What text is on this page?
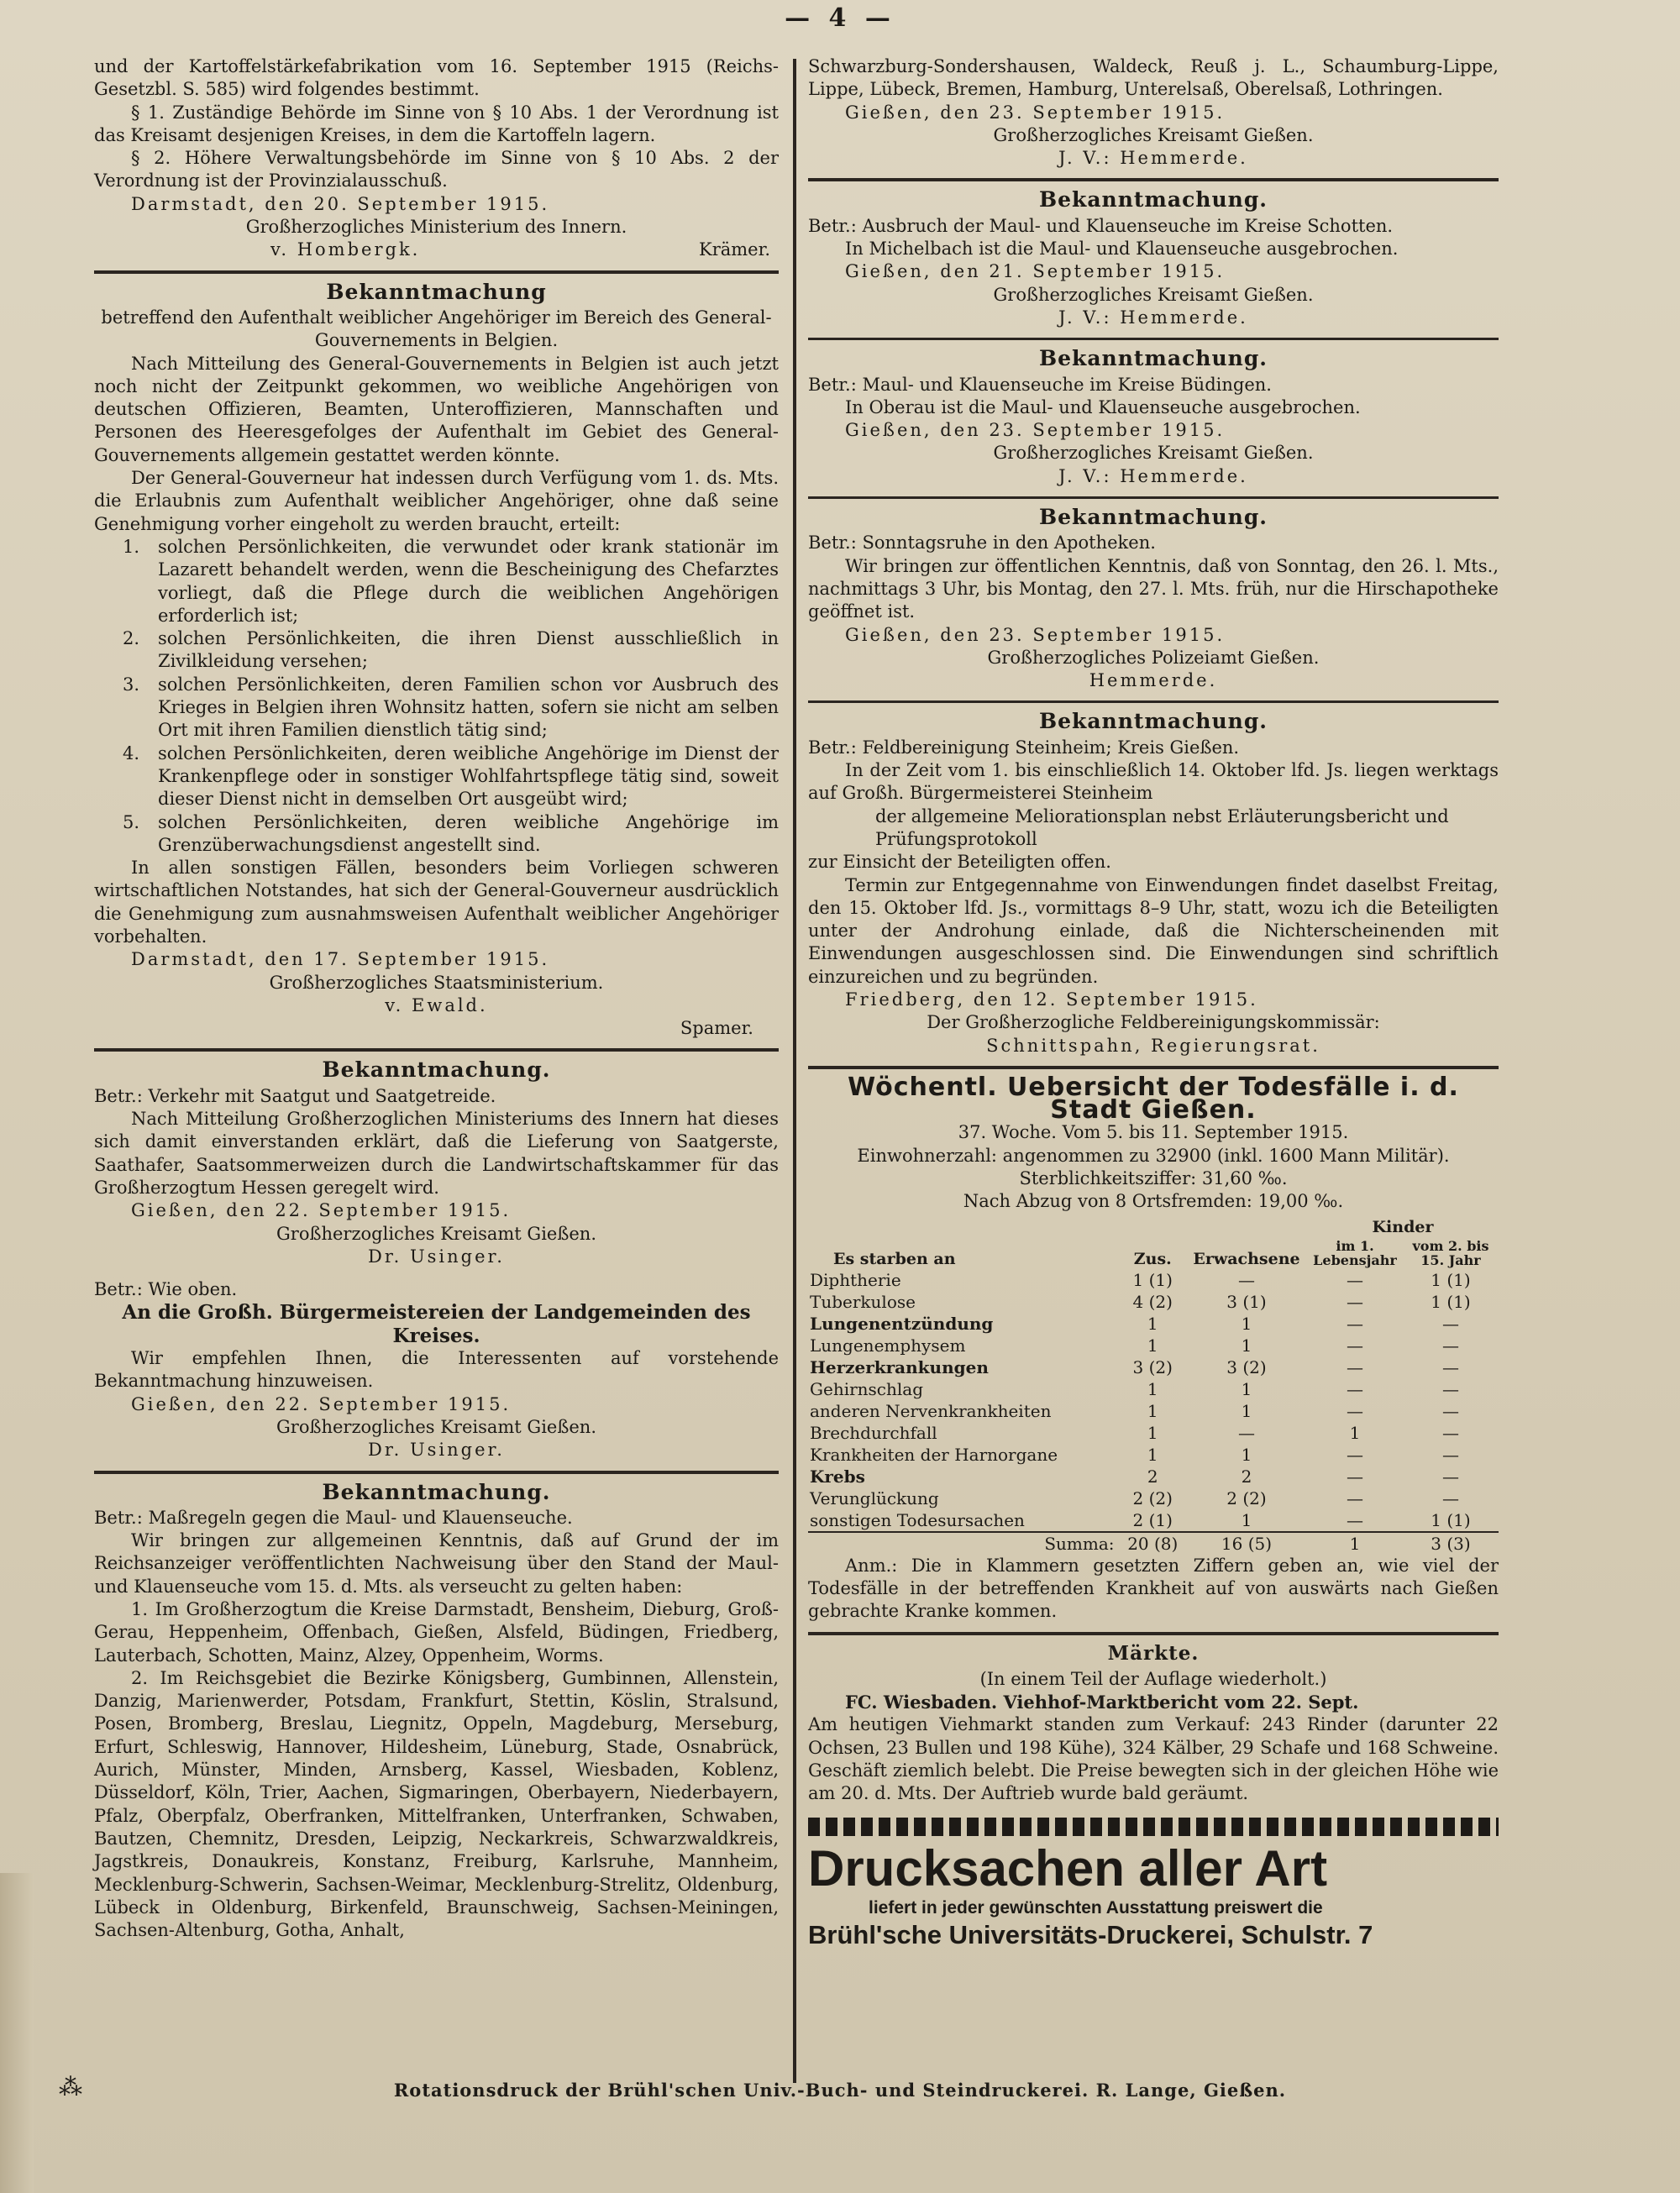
— 4 —

und der Kartoffelstärkefabrikation vom 16. September 1915 (Reichs-Gesetzbl. S. 585) wird folgendes bestimmt.

§ 1. Zuständige Behörde im Sinne von § 10 Abs. 1 der Verordnung ist das Kreisamt desjenigen Kreises, in dem die Kartoffeln lagern.

§ 2. Höhere Verwaltungsbehörde im Sinne von § 10 Abs. 2 der Verordnung ist der Provinzialausschuß.

Darmstadt, den 20. September 1915.

Großherzogliches Ministerium des Innern.

v. Hombergk.	Krämer.
Bekanntmachung

betreffend den Aufenthalt weiblicher Angehöriger im Bereich des General-Gouvernements in Belgien.

Nach Mitteilung des General-Gouvernements in Belgien ist auch jetzt noch nicht der Zeitpunkt gekommen, wo weibliche Angehörigen von deutschen Offizieren, Beamten, Unteroffizieren, Mannschaften und Personen des Heeresgefolges der Aufenthalt im Gebiet des General-Gouvernements allgemein gestattet werden könnte.

Der General-Gouverneur hat indessen durch Verfügung vom 1. ds. Mts. die Erlaubnis zum Aufenthalt weiblicher Angehöriger, ohne daß seine Genehmigung vorher eingeholt zu werden braucht, erteilt:

1. solchen Persönlichkeiten, die verwundet oder krank stationär im Lazarett behandelt werden, wenn die Bescheinigung des Chefarztes vorliegt, daß die Pflege durch die weiblichen Angehörigen erforderlich ist;
2. solchen Persönlichkeiten, die ihren Dienst ausschließlich in Zivilkleidung versehen;
3. solchen Persönlichkeiten, deren Familien schon vor Ausbruch des Krieges in Belgien ihren Wohnsitz hatten, sofern sie nicht am selben Ort mit ihren Familien dienstlich tätig sind;
4. solchen Persönlichkeiten, deren weibliche Angehörige im Dienst der Krankenpflege oder in sonstiger Wohlfahrtspflege tätig sind, soweit dieser Dienst nicht in demselben Ort ausgeübt wird;
5. solchen Persönlichkeiten, deren weibliche Angehörige im Grenzüberwachungsdienst angestellt sind.

In allen sonstigen Fällen, besonders beim Vorliegen schweren wirtschaftlichen Notstandes, hat sich der General-Gouverneur ausdrücklich die Genehmigung zum ausnahmsweisen Aufenthalt weiblicher Angehöriger vorbehalten.

Darmstadt, den 17. September 1915.

Großherzogliches Staatsministerium.

v. Ewald.

Spamer.

Bekanntmachung.

Betr.: Verkehr mit Saatgut und Saatgetreide.

Nach Mitteilung Großherzoglichen Ministeriums des Innern hat dieses sich damit einverstanden erklärt, daß die Lieferung von Saatgerste, Saathafer, Saatsommerweizen durch die Landwirtschaftskammer für das Großherzogtum Hessen geregelt wird.

Gießen, den 22. September 1915.

Großherzogliches Kreisamt Gießen.

Dr. Usinger.

Betr.: Wie oben.

An die Großh. Bürgermeistereien der Landgemeinden des Kreises.

Wir empfehlen Ihnen, die Interessenten auf vorstehende Bekanntmachung hinzuweisen.

Gießen, den 22. September 1915.

Großherzogliches Kreisamt Gießen.

Dr. Usinger.

Bekanntmachung.

Betr.: Maßregeln gegen die Maul- und Klauenseuche.

Wir bringen zur allgemeinen Kenntnis, daß auf Grund der im Reichsanzeiger veröffentlichten Nachweisung über den Stand der Maul- und Klauenseuche vom 15. d. Mts. als verseucht zu gelten haben:

1. Im Großherzogtum die Kreise Darmstadt, Bensheim, Dieburg, Groß-Gerau, Heppenheim, Offenbach, Gießen, Alsfeld, Büdingen, Friedberg, Lauterbach, Schotten, Mainz, Alzey, Oppenheim, Worms.

2. Im Reichsgebiet die Bezirke Königsberg, Gumbinnen, Allenstein, Danzig, Marienwerder, Potsdam, Frankfurt, Stettin, Köslin, Stralsund, Posen, Bromberg, Breslau, Liegnitz, Oppeln, Magdeburg, Merseburg, Erfurt, Schleswig, Hannover, Hildesheim, Lüneburg, Stade, Osnabrück, Aurich, Münster, Minden, Arnsberg, Kassel, Wiesbaden, Koblenz, Düsseldorf, Köln, Trier, Aachen, Sigmaringen, Oberbayern, Niederbayern, Pfalz, Oberpfalz, Oberfranken, Mittelfranken, Unterfranken, Schwaben, Bautzen, Chemnitz, Dresden, Leipzig, Neckarkreis, Schwarzwaldkreis, Jagstkreis, Donaukreis, Konstanz, Freiburg, Karlsruhe, Mannheim, Mecklenburg-Schwerin, Sachsen-Weimar, Mecklenburg-Strelitz, Oldenburg, Lübeck in Oldenburg, Birkenfeld, Braunschweig, Sachsen-Meiningen, Sachsen-Altenburg, Gotha, Anhalt,

Schwarzburg-Sondershausen, Waldeck, Reuß j. L., Schaumburg-Lippe, Lippe, Lübeck, Bremen, Hamburg, Unterelsaß, Oberelsaß, Lothringen.

Gießen, den 23. September 1915.

Großherzogliches Kreisamt Gießen.

J. V.: Hemmerde.

Bekanntmachung.

Betr.: Ausbruch der Maul- und Klauenseuche im Kreise Schotten.

In Michelbach ist die Maul- und Klauenseuche ausgebrochen.

Gießen, den 21. September 1915.

Großherzogliches Kreisamt Gießen.

J. V.: Hemmerde.

Bekanntmachung.

Betr.: Maul- und Klauenseuche im Kreise Büdingen.

In Oberau ist die Maul- und Klauenseuche ausgebrochen.

Gießen, den 23. September 1915.

Großherzogliches Kreisamt Gießen.

J. V.: Hemmerde.

Bekanntmachung.

Betr.: Sonntagsruhe in den Apotheken.

Wir bringen zur öffentlichen Kenntnis, daß von Sonntag, den 26. l. Mts., nachmittags 3 Uhr, bis Montag, den 27. l. Mts. früh, nur die Hirschapotheke geöffnet ist.

Gießen, den 23. September 1915.

Großherzogliches Polizeiamt Gießen.

Hemmerde.

Bekanntmachung.

Betr.: Feldbereinigung Steinheim; Kreis Gießen.

In der Zeit vom 1. bis einschließlich 14. Oktober lfd. Js. liegen werktags auf Großh. Bürgermeisterei Steinheim

der allgemeine Meliorationsplan nebst Erläuterungsbericht und Prüfungsprotokoll

zur Einsicht der Beteiligten offen.

Termin zur Entgegennahme von Einwendungen findet daselbst Freitag, den 15. Oktober lfd. Js., vormittags 8–9 Uhr, statt, wozu ich die Beteiligten unter der Androhung einlade, daß die Nichterscheinenden mit Einwendungen ausgeschlossen sind. Die Einwendungen sind schriftlich einzureichen und zu begründen.

Friedberg, den 12. September 1915.

Der Großherzogliche Feldbereinigungskommissär:

Schnittspahn, Regierungsrat.

Wöchentl. Uebersicht der Todesfälle i. d. Stadt Gießen.

37. Woche. Vom 5. bis 11. September 1915.

Einwohnerzahl: angenommen zu 32900 (inkl. 1600 Mann Militär).

Sterblichkeitsziffer: 31,60 ‰.

Nach Abzug von 8 Ortsfremden: 19,00 ‰.

Es starben an	Zus.	Erwachsene	Kinder	
			im 1. Lebensjahr	vom 2. bis 15. Jahr
Diphtherie	1 (1)	—	—	1 (1)
Tuberkulose	4 (2)	3 (1)	—	1 (1)
Lungenentzündung	1	1	—	—
Lungenemphysem	1	1	—	—
Herzerkrankungen	3 (2)	3 (2)	—	—
Gehirnschlag	1	1	—	—
anderen Nervenkrankheiten	1	1	—	—
Brechdurchfall	1	—	1	—
Krankheiten der Harnorgane	1	1	—	—
Krebs	2	2	—	—
Verunglückung	2 (2)	2 (2)	—	—
sonstigen Todesursachen	2 (1)	1	—	1 (1)
Summa:	20 (8)	16 (5)	1	3 (3)

Anm.: Die in Klammern gesetzten Ziffern geben an, wie viel der Todesfälle in der betreffenden Krankheit auf von auswärts nach Gießen gebrachte Kranke kommen.

Märkte.

(In einem Teil der Auflage wiederholt.)

FC. Wiesbaden. Viehhof-Marktbericht vom 22. Sept.

Am heutigen Viehmarkt standen zum Verkauf: 243 Rinder (darunter 22 Ochsen, 23 Bullen und 198 Kühe), 324 Kälber, 29 Schafe und 168 Schweine. Geschäft ziemlich belebt. Die Preise bewegten sich in der gleichen Höhe wie am 20. d. Mts. Der Auftrieb wurde bald geräumt.

Drucksachen aller Art
liefert in jeder gewünschten Ausstattung preiswert die
Brühl'sche Universitäts-Druckerei, Schulstr. 7
⁂	Rotationsdruck der Brühl'schen Univ.-Buch- und Steindruckerei. R. Lange, Gießen.
